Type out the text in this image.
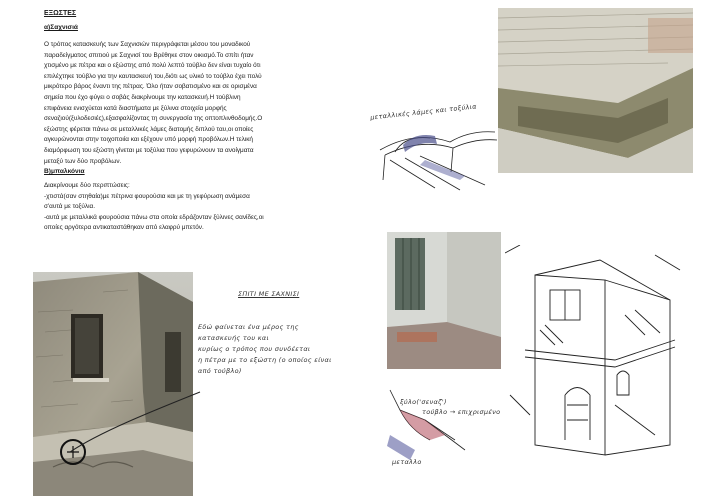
ΕΞΩΣΤΕΣ
α)Σαχνισιά
Ο τρόπος κατασκευής των Σαχνισιών περιγράφεται μέσου του μοναδικού
παραδείγματος σπιτιού με Σαχνισί του Βρέθηκε στον οικισμό.Το σπίτι ήταν
χτισμένο με πέτρα και ο εξώστης από πολύ λεπτό τούβλο δεν είναι τυχαίο ότι
επιλέχτηκε τούβλο για την καυτασκευή του,διότι ως υλικό το τούβλο έχει πολύ
μικρότερο βάρος έναντι της πέτρας. Όλο ήταν σοβατισμένο και σε ορισμένα
σημεία που έχο φύγει ο σοβάς διακρίνουμε την κατασκευή.Η τούβλινη
επιφάνεια ενισχύεται κατά διαστήματα με ξύλινα στοιχεία μορφής
σεναζιού(ξυλοδεσιές),εξασφαλίζοντας τη συνεργασία της οπτοπλινθοδομής.Ο
εξώστης φέρεται πάνω σε μεταλλικές λάμες διατομής διπλού ταυ,οι οποίες
αγκυρώνονται στην τοιχοποιία και εξέχουν υπό μορφή προβόλων.Η τελική
διαμόρφωση του εξώστη γίνεται με τοξύλια που γεφυρώνουν τα ανοίγματα
μεταξύ των δύο προβόλων.
Β)μπαλκόνια
Διακρίνουμε δύο περιπτώσεις:
-χτιστά(σαν στηθαία)με πέτρινα φουρούσια και με τη γεφύρωση ανάμεσα
σ'αυτά με τοξύλια.
-αυτά με μεταλλικά φουρούσια πάνω στα οποία εδράζονταν ξύλινες σανίδες,οι
οποίες αργότερα αντικαταστάθηκαν από ελαφρύ μπετόν.
ΣΠΙΤΙ ΜΕ ΣΑΧΝΙΣΙ
Εδώ φαίνεται ένα μέρος της
κατασκευής του και
κυρίως ο τρόπος που συνδέεται
η πέτρα με το εξώστη (ο οποίος είναι
από τούβλο)
μεταλλικές λάμες και τοξύλια
ξύλο('σεναζ')
τούβλο → επιχρισμένο
μεταλλο
